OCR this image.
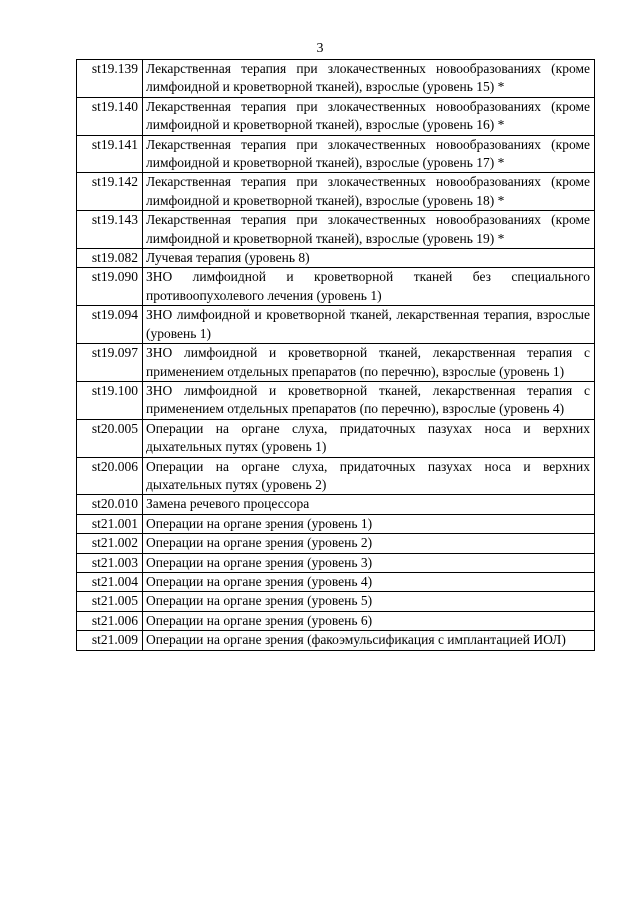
3
st19.139	Лекарственная терапия при злокачественных новообразованиях (кроме лимфоидной и кроветворной тканей), взрослые (уровень 15) *
st19.140	Лекарственная терапия при злокачественных новообразованиях (кроме лимфоидной и кроветворной тканей), взрослые (уровень 16) *
st19.141	Лекарственная терапия при злокачественных новообразованиях (кроме лимфоидной и кроветворной тканей), взрослые (уровень 17) *
st19.142	Лекарственная терапия при злокачественных новообразованиях (кроме лимфоидной и кроветворной тканей), взрослые (уровень 18) *
st19.143	Лекарственная терапия при злокачественных новообразованиях (кроме лимфоидной и кроветворной тканей), взрослые (уровень 19) *
st19.082	Лучевая терапия (уровень 8)
st19.090	ЗНО лимфоидной и кроветворной тканей без специального противоопухолевого лечения (уровень 1)
st19.094	ЗНО лимфоидной и кроветворной тканей, лекарственная терапия, взрослые (уровень 1)
st19.097	ЗНО лимфоидной и кроветворной тканей, лекарственная терапия с применением отдельных препаратов (по перечню), взрослые (уровень 1)
st19.100	ЗНО лимфоидной и кроветворной тканей, лекарственная терапия с применением отдельных препаратов (по перечню), взрослые (уровень 4)
st20.005	Операции на органе слуха, придаточных пазухах носа и верхних дыхательных путях (уровень 1)
st20.006	Операции на органе слуха, придаточных пазухах носа и верхних дыхательных путях (уровень 2)
st20.010	Замена речевого процессора
st21.001	Операции на органе зрения (уровень 1)
st21.002	Операции на органе зрения (уровень 2)
st21.003	Операции на органе зрения (уровень 3)
st21.004	Операции на органе зрения (уровень 4)
st21.005	Операции на органе зрения (уровень 5)
st21.006	Операции на органе зрения (уровень 6)
st21.009	Операции на органе зрения (факоэмульсификация с имплантацией ИОЛ)
